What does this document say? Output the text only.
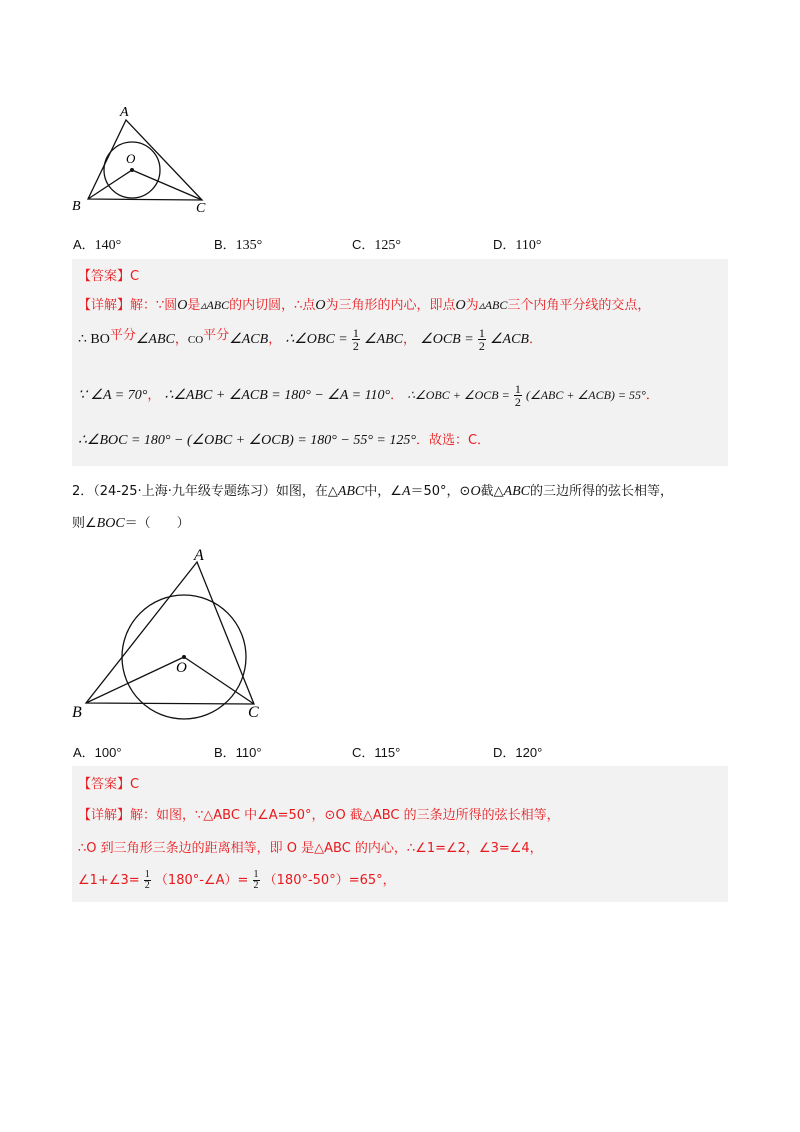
A
O
B	C
A．140°	B．135°	C．125°	D．110°
【答案】C
【详解】解：∵圆O是▵ABC的内切圆，∴点O为三角形的内心，即点O为▵ABC三个内角平分线的交点，
∴ BO平分∠ABC，CO平分∠ACB， ∴∠OBC = $\frac{1}{2}$ ∠ABC， ∠OCB = $\frac{1}{2}$ ∠ACB．
∵ ∠A = 70°， ∴∠ABC + ∠ACB = 180° − ∠A = 110°． ∴∠OBC + ∠OCB = $\frac{1}{2}$ (∠ABC + ∠ACB) = 55°．
∴∠BOC = 180° − (∠OBC + ∠OCB) = 180° − 55° = 125°．故选：C．
2．（24-25·上海·九年级专题练习）如图，在△ABC中，∠A＝50°，⊙O截△ABC的三边所得的弦长相等，
则∠BOC＝（　　）
A
O
B	C
A．100°	B．110°	C．115°	D．120°
【答案】C
【详解】解：如图，∵△ABC 中∠A=50°，⊙O 截△ABC 的三条边所得的弦长相等，
∴O 到三角形三条边的距离相等，即 O 是△ABC 的内心，∴∠1=∠2，∠3=∠4，
∠1+∠3= $\frac{1}{2}$ （180°-∠A）= $\frac{1}{2} (180^\circ-50^\circ)=65^\circ$，
